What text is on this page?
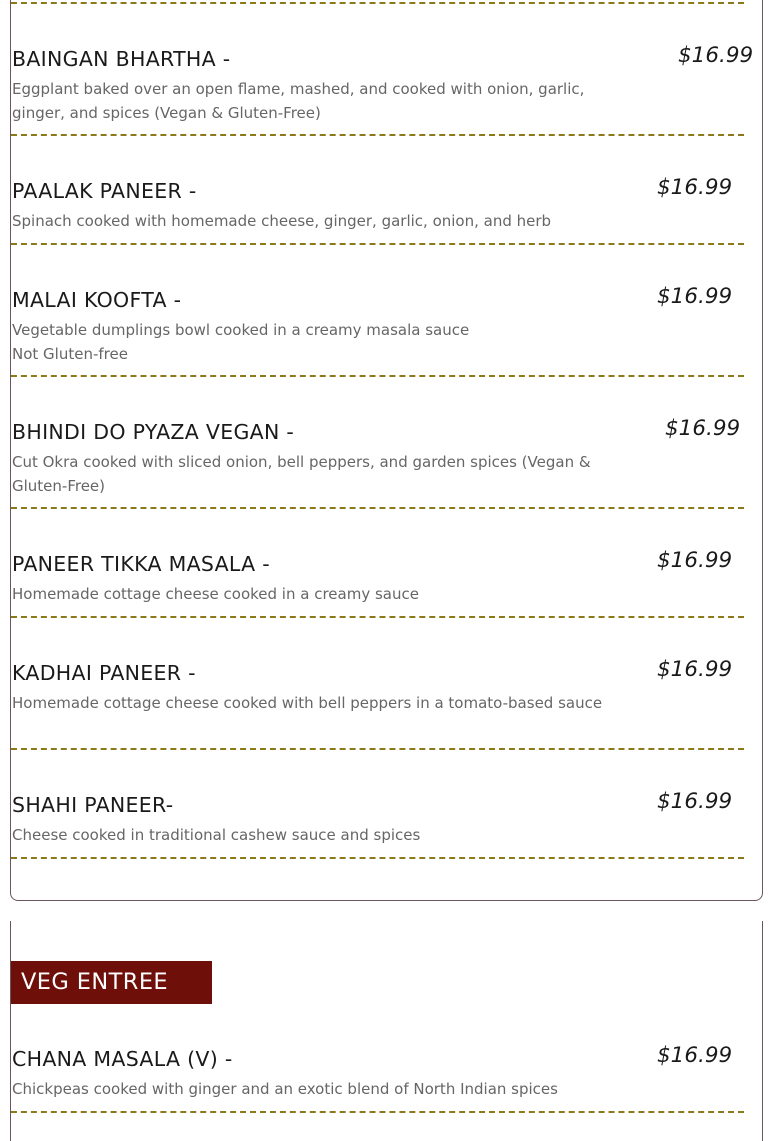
BAINGAN BHARTHA -	$16.99

Eggplant baked over an open flame, mashed, and cooked with onion, garlic, ginger, and spices (Vegan & Gluten-Free)

PAALAK PANEER -	$16.99

Spinach cooked with homemade cheese, ginger, garlic, onion, and herb

MALAI KOOFTA -	$16.99

Vegetable dumplings bowl cooked in a creamy masala sauce
Not Gluten-free

BHINDI DO PYAZA VEGAN -	$16.99

Cut Okra cooked with sliced onion, bell peppers, and garden spices (Vegan & Gluten-Free)

PANEER TIKKA MASALA -	$16.99

Homemade cottage cheese cooked in a creamy sauce

KADHAI PANEER -	$16.99

Homemade cottage cheese cooked with bell peppers in a tomato-based sauce

SHAHI PANEER-	$16.99

Cheese cooked in traditional cashew sauce and spices

VEG ENTREE
CHANA MASALA (V) -	$16.99

Chickpeas cooked with ginger and an exotic blend of North Indian spices
